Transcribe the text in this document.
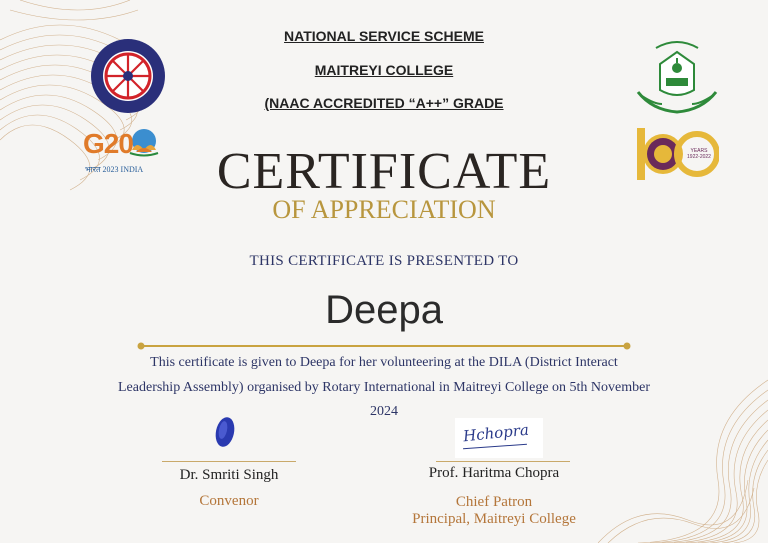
NATIONAL SERVICE SCHEME
MAITREYI COLLEGE
(NAAC ACCREDITED “A++” GRADE
G20
भारत 2023 INDIA
YEARS 1922-2022
CERTIFICATE
OF APPRECIATION
THIS CERTIFICATE IS PRESENTED TO
Deepa
This certificate is given to Deepa for her volunteering at the DILA (District Interact Leadership Assembly) organised by Rotary International in Maitreyi College on 5th November 2024
Dr. Smriti Singh
Convenor
Hchopra
Prof. Haritma Chopra
Chief Patron
Principal, Maitreyi College
